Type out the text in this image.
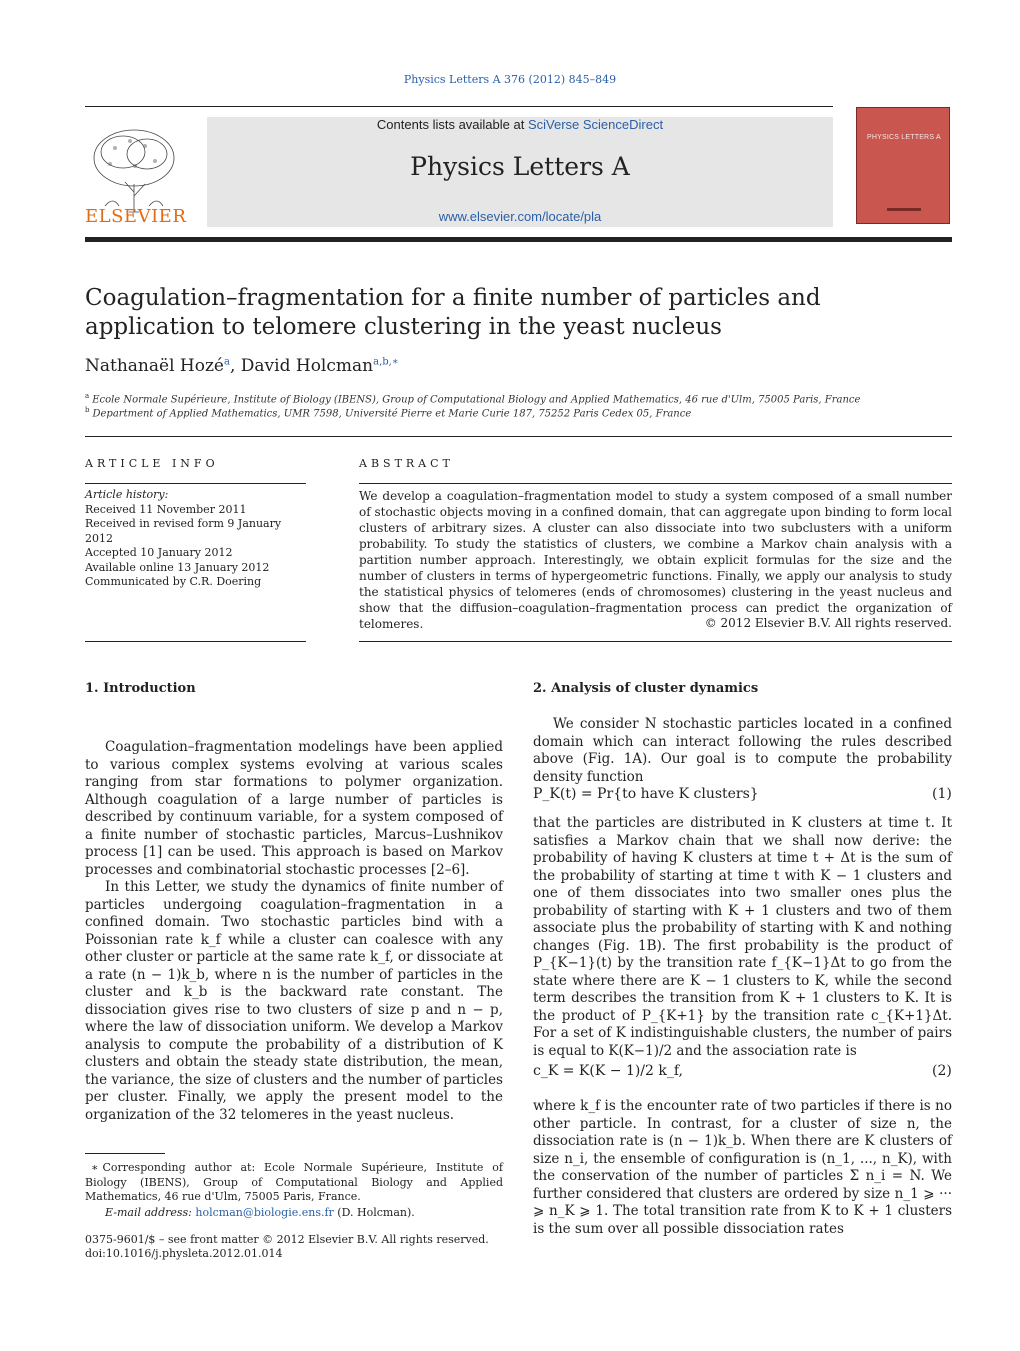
Physics Letters A 376 (2012) 845–849
ELSEVIER
Contents lists available at SciVerse ScienceDirect
Physics Letters A
www.elsevier.com/locate/pla
PHYSICS LETTERS A
Coagulation–fragmentation for a finite number of particles and application to telomere clustering in the yeast nucleus
Nathanaël Hozé$^a$, David Holcman$^{a,b,∗}$
$^a$ Ecole Normale Supérieure, Institute of Biology (IBENS), Group of Computational Biology and Applied Mathematics, 46 rue d'Ulm, 75005 Paris, France
$^b$ Department of Applied Mathematics, UMR 7598, Université Pierre et Marie Curie 187, 75252 Paris Cedex 05, France
ARTICLE INFO
Article history:
Received 11 November 2011
Received in revised form 9 January 2012
Accepted 10 January 2012
Available online 13 January 2012
Communicated by C.R. Doering
ABSTRACT
We develop a coagulation–fragmentation model to study a system composed of a small number of stochastic objects moving in a confined domain, that can aggregate upon binding to form local clusters of arbitrary sizes. A cluster can also dissociate into two subclusters with a uniform probability. To study the statistics of clusters, we combine a Markov chain analysis with a partition number approach. Interestingly, we obtain explicit formulas for the size and the number of clusters in terms of hypergeometric functions. Finally, we apply our analysis to study the statistical physics of telomeres (ends of chromosomes) clustering in the yeast nucleus and show that the diffusion–coagulation–fragmentation process can predict the organization of telomeres.	© 2012 Elsevier B.V. All rights reserved.
1. Introduction

Coagulation–fragmentation modelings have been applied to various complex systems evolving at various scales ranging from star formations to polymer organization. Although coagulation of a large number of particles is described by continuum variable, for a system composed of a finite number of stochastic particles, Marcus–Lushnikov process [1] can be used. This approach is based on Markov processes and combinatorial stochastic processes [2–6].

In this Letter, we study the dynamics of finite number of particles undergoing coagulation–fragmentation in a confined domain. Two stochastic particles bind with a Poissonian rate k_f while a cluster can coalesce with any other cluster or particle at the same rate k_f, or dissociate at a rate (n − 1)k_b, where n is the number of particles in the cluster and k_b is the backward rate constant. The dissociation gives rise to two clusters of size p and n − p, where the law of dissociation uniform. We develop a Markov analysis to compute the probability of a distribution of K clusters and obtain the steady state distribution, the mean, the variance, the size of clusters and the number of particles per cluster. Finally, we apply the present model to the organization of the 32 telomeres in the yeast nucleus.

∗ Corresponding author at: Ecole Normale Supérieure, Institute of Biology (IBENS), Group of Computational Biology and Applied Mathematics, 46 rue d'Ulm, 75005 Paris, France.
E-mail address: holcman@biologie.ens.fr (D. Holcman).
0375-9601/$ – see front matter © 2012 Elsevier B.V. All rights reserved.
doi:10.1016/j.physleta.2012.01.014
2. Analysis of cluster dynamics

We consider N stochastic particles located in a confined domain which can interact following the rules described above (Fig. 1A). Our goal is to compute the probability density function

P_K(t) = Pr{to have K clusters}	(1)
that the particles are distributed in K clusters at time t. It satisfies a Markov chain that we shall now derive: the probability of having K clusters at time t + Δt is the sum of the probability of starting at time t with K − 1 clusters and one of them dissociates into two smaller ones plus the probability of starting with K + 1 clusters and two of them associate plus the probability of starting with K and nothing changes (Fig. 1B). The first probability is the product of P_{K−1}(t) by the transition rate f_{K−1}Δt to go from the state where there are K − 1 clusters to K, while the second term describes the transition from K + 1 clusters to K. It is the product of P_{K+1} by the transition rate c_{K+1}Δt. For a set of K indistinguishable clusters, the number of pairs is equal to K(K−1)/2 and the association rate is
c_K = K(K − 1)/2 k_f,	(2)
where k_f is the encounter rate of two particles if there is no other particle. In contrast, for a cluster of size n, the dissociation rate is (n − 1)k_b. When there are K clusters of size n_i, the ensemble of configuration is (n_1, ..., n_K), with the conservation of the number of particles Σ n_i = N. We further considered that clusters are ordered by size n_1 ⩾ ··· ⩾ n_K ⩾ 1. The total transition rate from K to K + 1 clusters is the sum over all possible dissociation rates
